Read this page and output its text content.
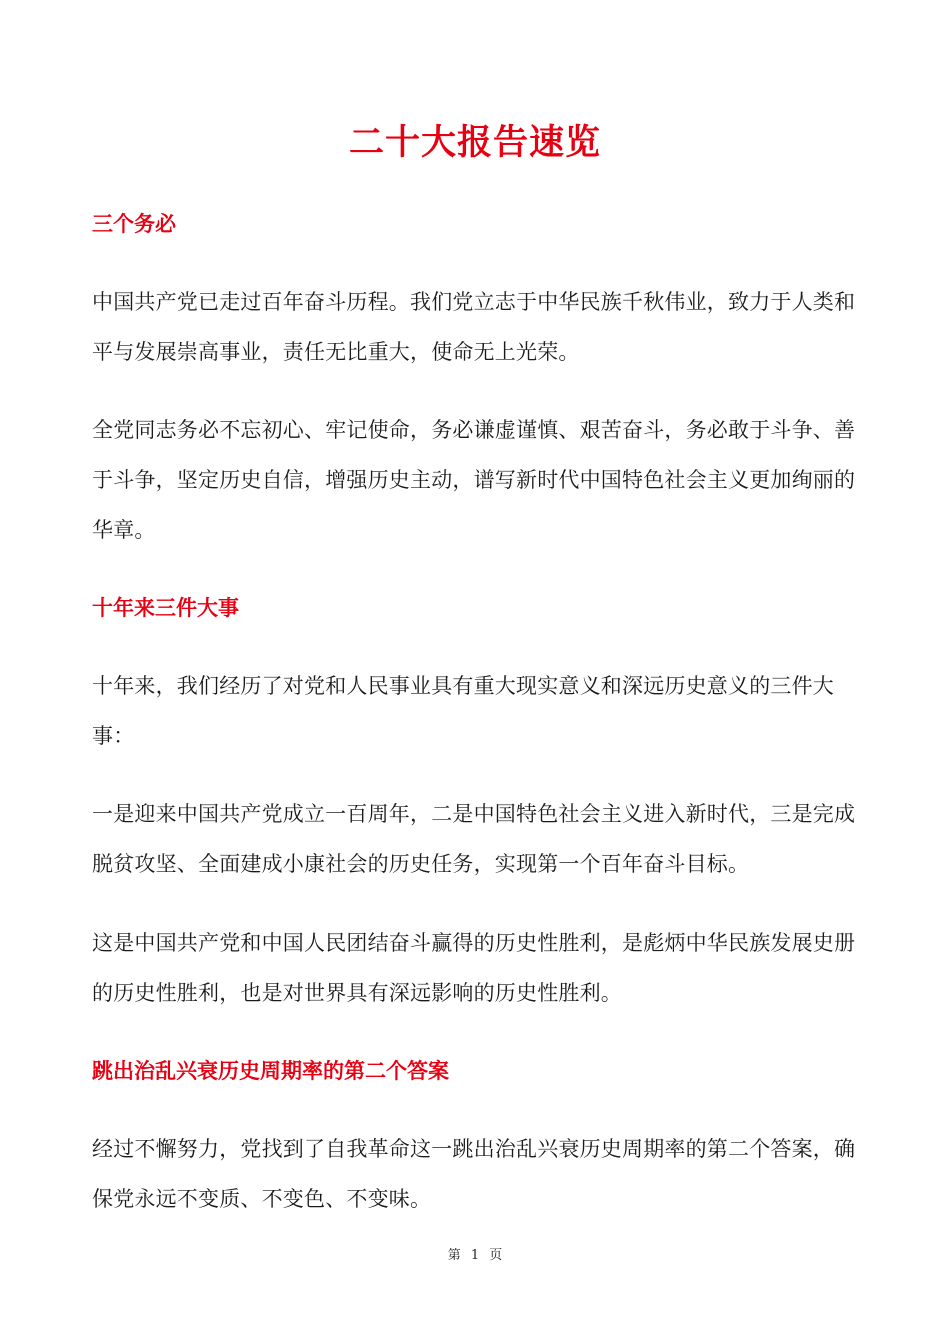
二十大报告速览
三个务必

中国共产党已走过百年奋斗历程。我们党立志于中华民族千秋伟业，致力于人类和平与发展崇高事业，责任无比重大，使命无上光荣。

全党同志务必不忘初心、牢记使命，务必谦虚谨慎、艰苦奋斗，务必敢于斗争、善于斗争，坚定历史自信，增强历史主动，谱写新时代中国特色社会主义更加绚丽的华章。

十年来三件大事

十年来，我们经历了对党和人民事业具有重大现实意义和深远历史意义的三件大事：

一是迎来中国共产党成立一百周年，二是中国特色社会主义进入新时代，三是完成脱贫攻坚、全面建成小康社会的历史任务，实现第一个百年奋斗目标。

这是中国共产党和中国人民团结奋斗赢得的历史性胜利，是彪炳中华民族发展史册的历史性胜利，也是对世界具有深远影响的历史性胜利。

跳出治乱兴衰历史周期率的第二个答案

经过不懈努力，党找到了自我革命这一跳出治乱兴衰历史周期率的第二个答案，确保党永远不变质、不变色、不变味。

第 1 页
